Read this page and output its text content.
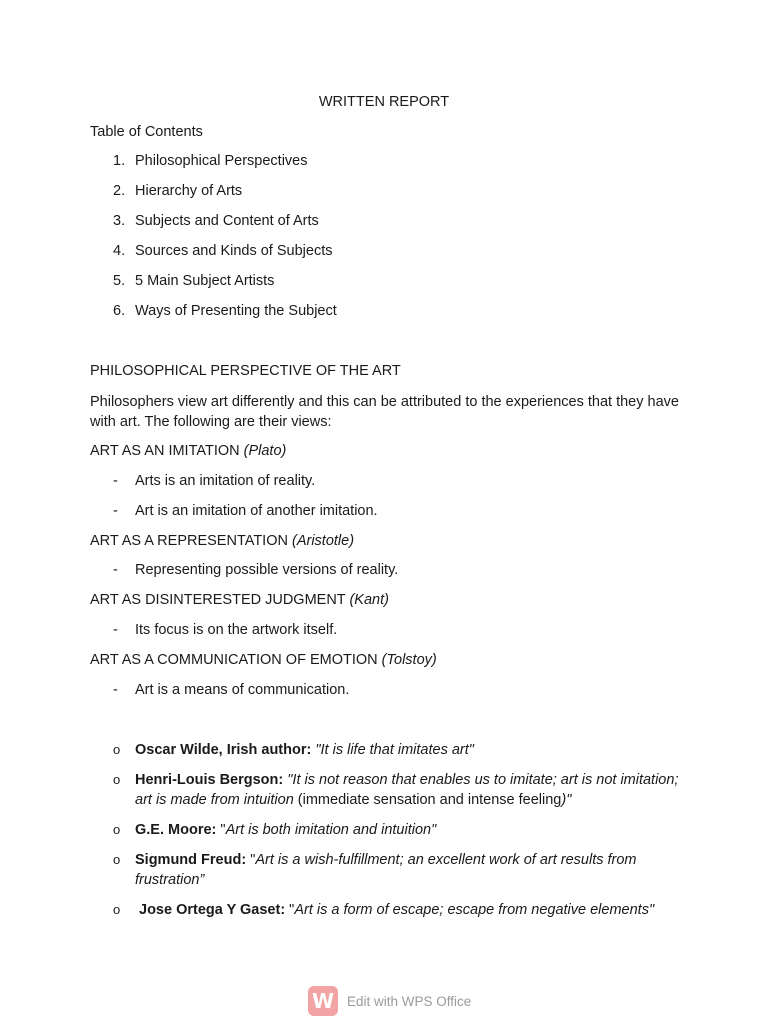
WRITTEN REPORT
Table of Contents
1. Philosophical Perspectives
2. Hierarchy of Arts
3. Subjects and Content of Arts
4. Sources and Kinds of Subjects
5. 5 Main Subject Artists
6. Ways of Presenting the Subject
PHILOSOPHICAL PERSPECTIVE OF THE ART
Philosophers view art differently and this can be attributed to the experiences that they have with art. The following are their views:
ART AS AN IMITATION (Plato)
- Arts is an imitation of reality.
- Art is an imitation of another imitation.
ART AS A REPRESENTATION (Aristotle)
- Representing possible versions of reality.
ART AS DISINTERESTED JUDGMENT (Kant)
- Its focus is on the artwork itself.
ART AS A COMMUNICATION OF EMOTION (Tolstoy)
- Art is a means of communication.
o Oscar Wilde, Irish author: "It is life that imitates art"
o Henri-Louis Bergson: "It is not reason that enables us to imitate; art is not imitation; art is made from intuition (immediate sensation and intense feeling)"
o G.E. Moore: "Art is both imitation and intuition"
o Sigmund Freud: "Art is a wish-fulfillment; an excellent work of art results from frustration”
o Jose Ortega Y Gaset: "Art is a form of escape; escape from negative elements"
W Edit with WPS Office
